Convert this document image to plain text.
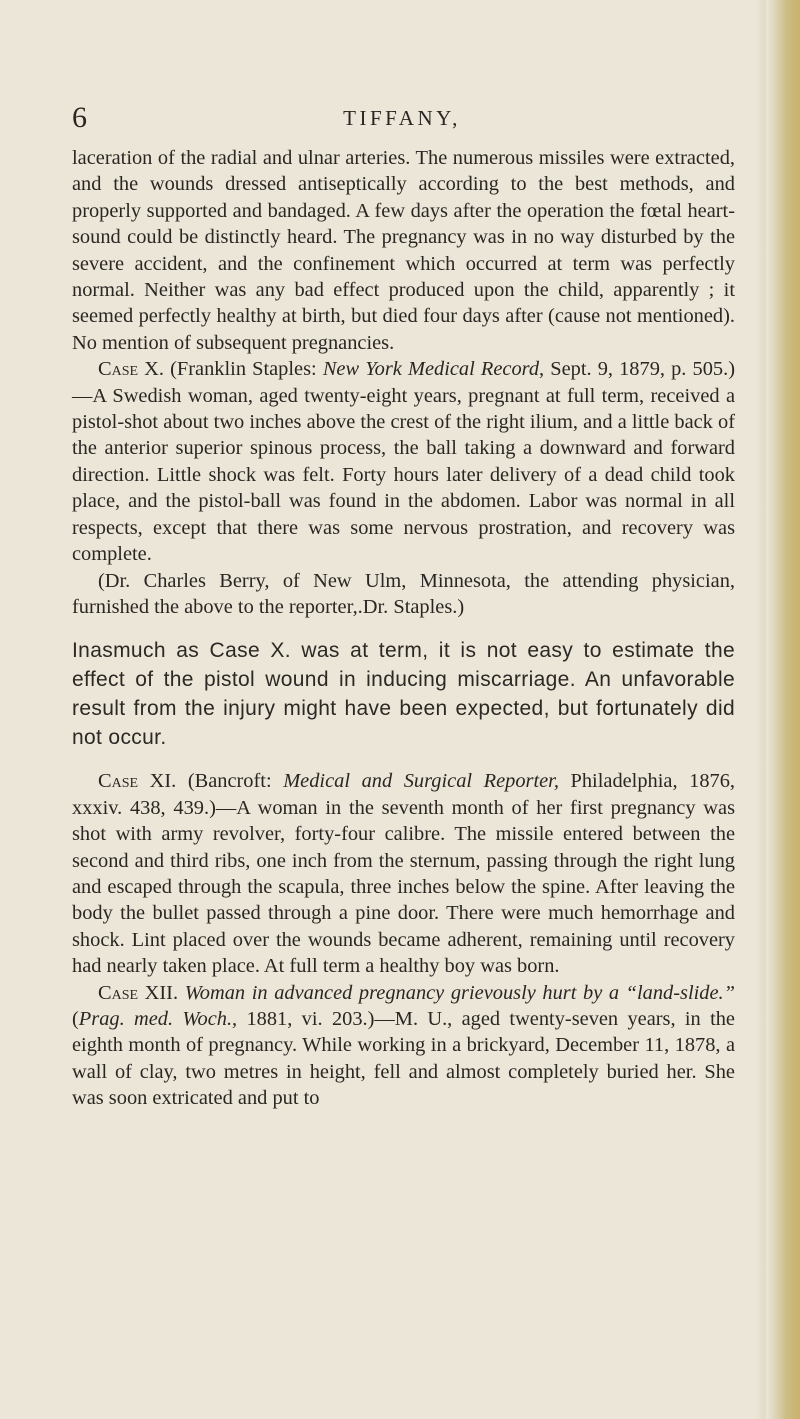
6	TIFFANY,

laceration of the radial and ulnar arteries. The numerous missiles were extracted, and the wounds dressed antiseptically according to the best methods, and properly supported and bandaged. A few days after the operation the fœtal heart-sound could be distinctly heard. The pregnancy was in no way disturbed by the severe accident, and the confinement which occurred at term was perfectly normal. Neither was any bad effect produced upon the child, apparently ; it seemed perfectly healthy at birth, but died four days after (cause not mentioned). No mention of subsequent pregnancies.

Case X. (Franklin Staples: New York Medical Record, Sept. 9, 1879, p. 505.)—A Swedish woman, aged twenty-eight years, pregnant at full term, received a pistol-shot about two inches above the crest of the right ilium, and a little back of the anterior superior spinous process, the ball taking a downward and forward direction. Little shock was felt. Forty hours later delivery of a dead child took place, and the pistol-ball was found in the abdomen. Labor was normal in all respects, except that there was some nervous prostration, and recovery was complete.

(Dr. Charles Berry, of New Ulm, Minnesota, the attending physician, furnished the above to the reporter,.Dr. Staples.)

Inasmuch as Case X. was at term, it is not easy to estimate the effect of the pistol wound in inducing miscarriage. An unfavorable result from the injury might have been expected, but fortunately did not occur.

Case XI. (Bancroft: Medical and Surgical Reporter, Philadelphia, 1876, xxxiv. 438, 439.)—A woman in the seventh month of her first pregnancy was shot with army revolver, forty-four calibre. The missile entered between the second and third ribs, one inch from the sternum, passing through the right lung and escaped through the scapula, three inches below the spine. After leaving the body the bullet passed through a pine door. There were much hemorrhage and shock. Lint placed over the wounds became adherent, remaining until recovery had nearly taken place. At full term a healthy boy was born.

Case XII. Woman in advanced pregnancy grievously hurt by a “land-slide.” (Prag. med. Woch., 1881, vi. 203.)—M. U., aged twenty-seven years, in the eighth month of pregnancy. While working in a brickyard, December 11, 1878, a wall of clay, two metres in height, fell and almost completely buried her. She was soon extricated and put to
